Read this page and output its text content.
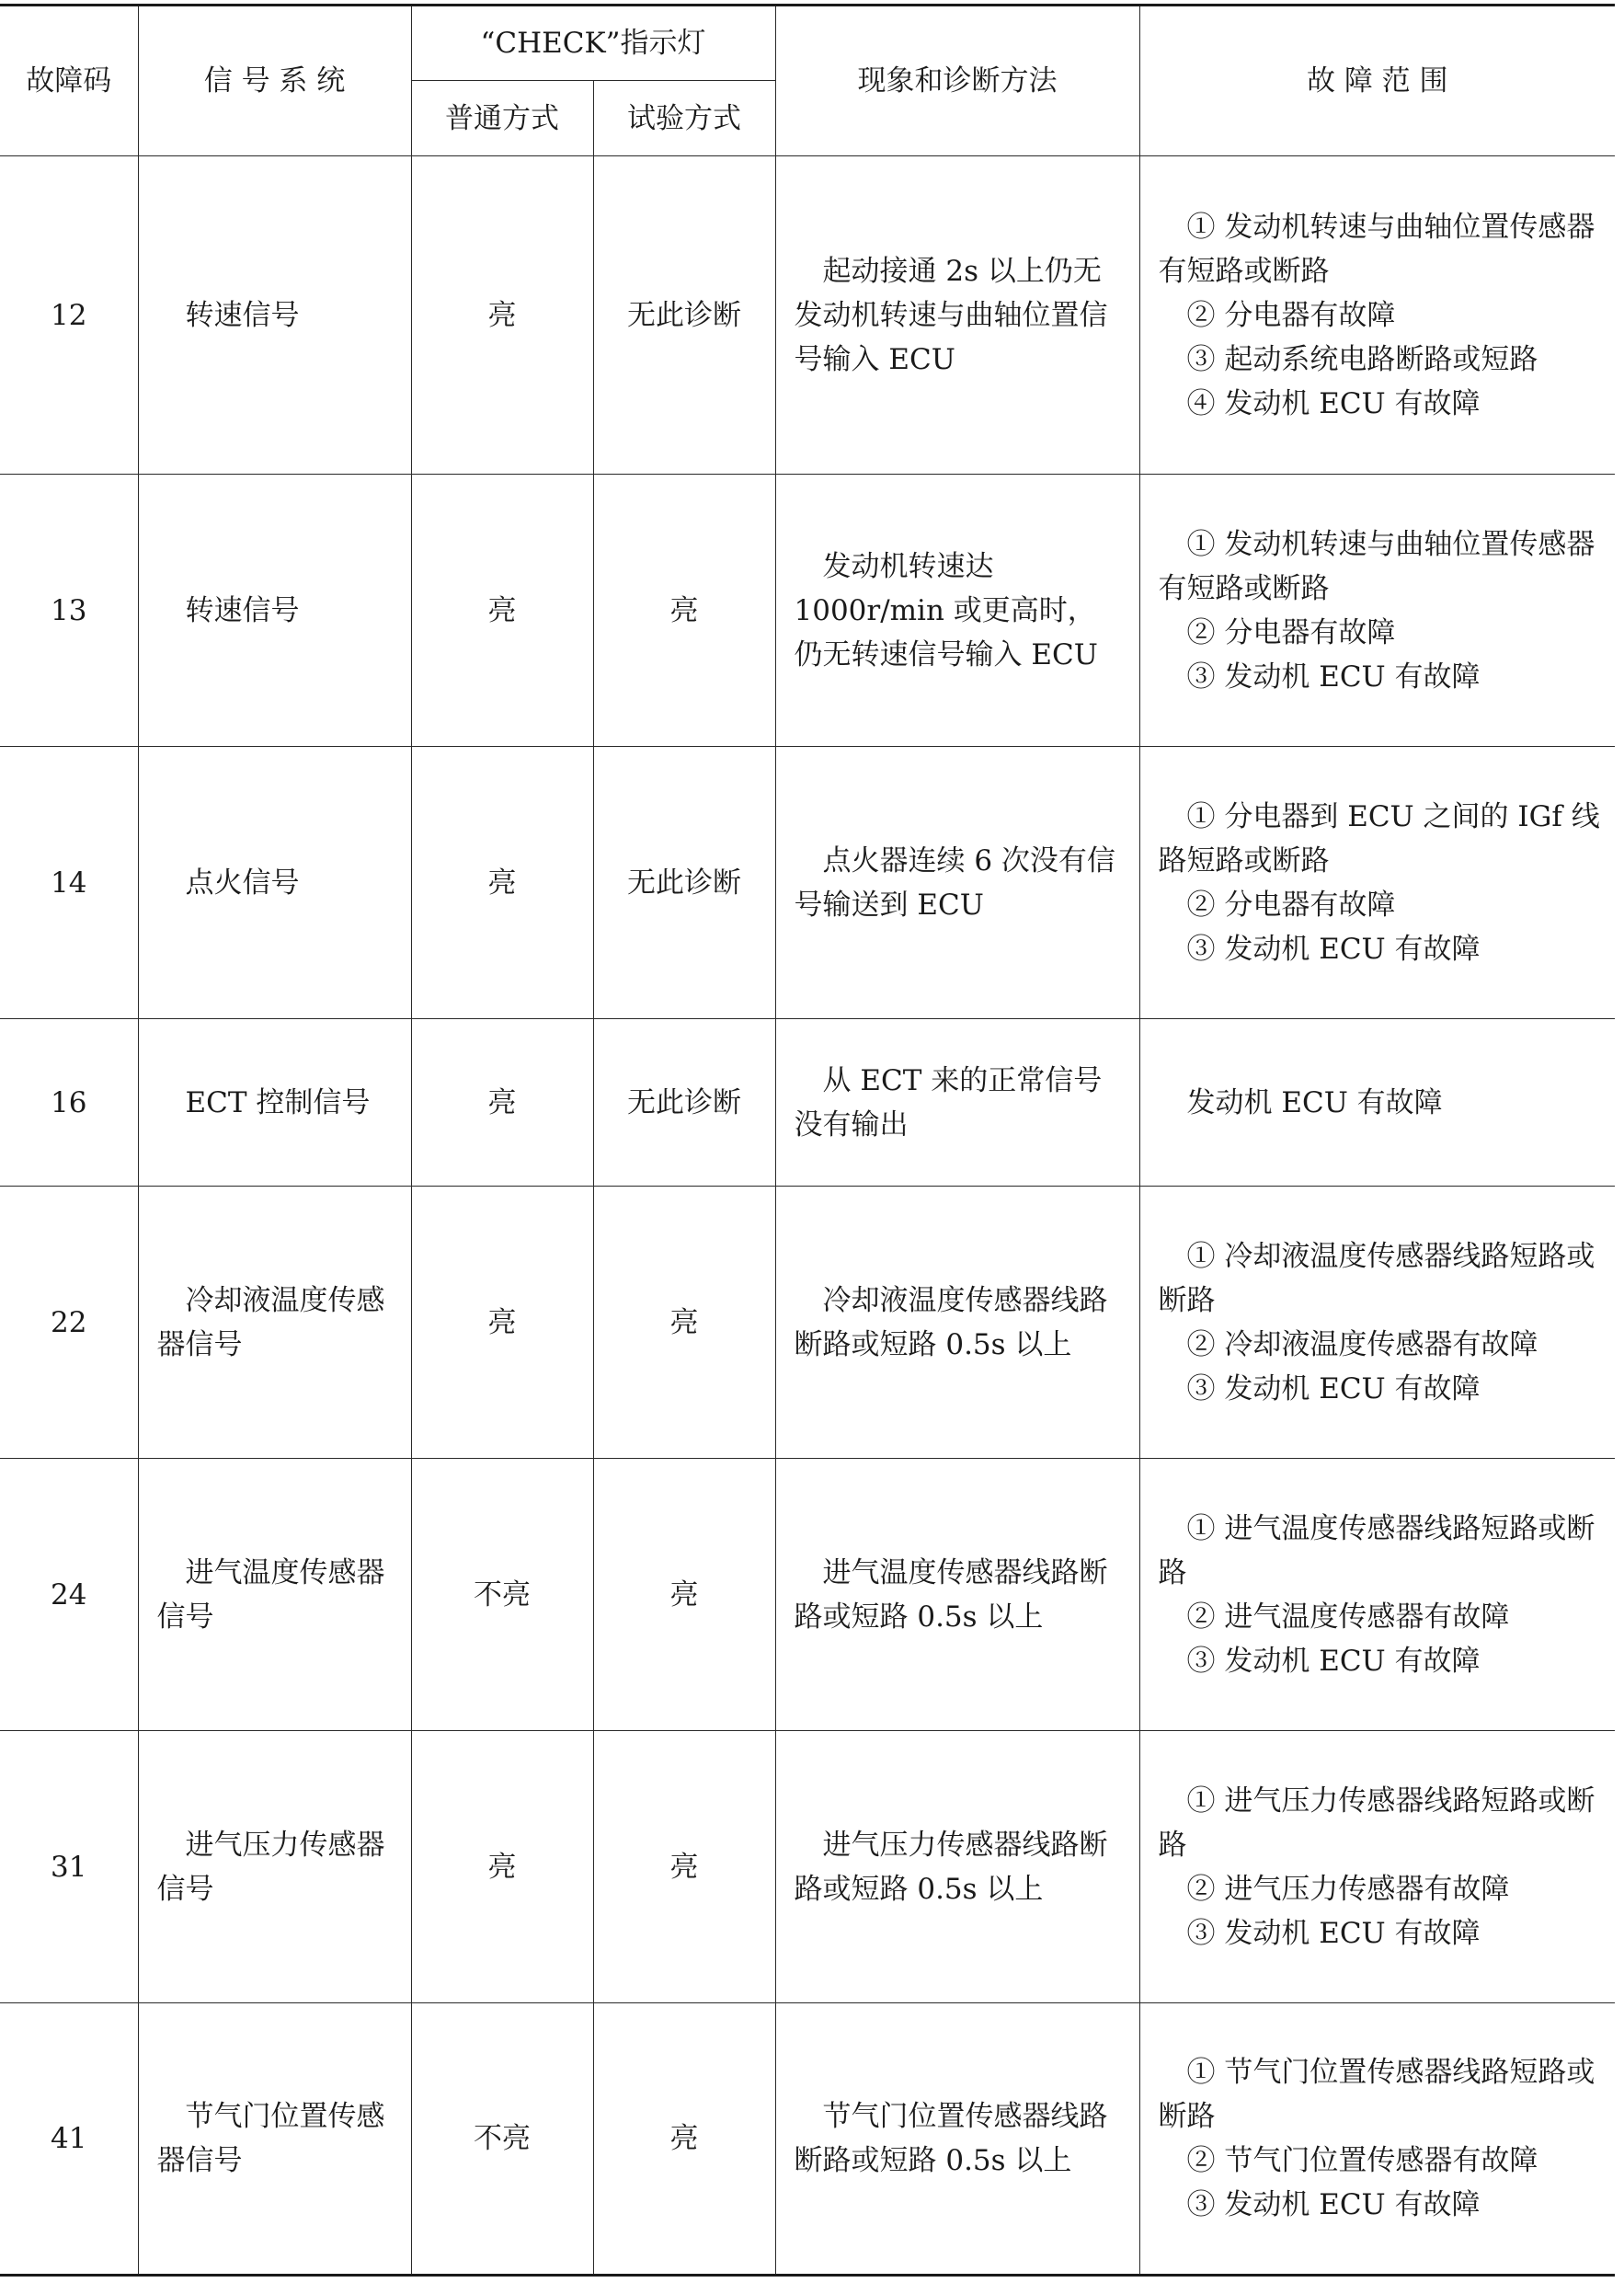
故障码	信 号 系 统	“CHECK”指示灯		现象和诊断方法	故 障 范 围
		普通方式	试验方式		
12	转速信号	亮	无此诊断	起动接通 2s 以上仍无发动机转速与曲轴位置信号输入 ECU	① 发动机转速与曲轴位置传感器有短路或断路
② 分电器有故障
③ 起动系统电路断路或短路
④ 发动机 ECU 有故障

13	转速信号	亮	亮	发动机转速达 1000r/min 或更高时，仍无转速信号输入 ECU	① 发动机转速与曲轴位置传感器有短路或断路
② 分电器有故障
③ 发动机 ECU 有故障

14	点火信号	亮	无此诊断	点火器连续 6 次没有信号输送到 ECU	① 分电器到 ECU 之间的 IGf 线路短路或断路
② 分电器有故障
③ 发动机 ECU 有故障

16	ECT 控制信号	亮	无此诊断	从 ECT 来的正常信号没有输出	发动机 ECU 有故障

22	冷却液温度传感器信号	亮	亮	冷却液温度传感器线路断路或短路 0.5s 以上	① 冷却液温度传感器线路短路或断路
② 冷却液温度传感器有故障
③ 发动机 ECU 有故障

24	进气温度传感器信号	不亮	亮	进气温度传感器线路断路或短路 0.5s 以上	① 进气温度传感器线路短路或断路
② 进气温度传感器有故障
③ 发动机 ECU 有故障

31	进气压力传感器信号	亮	亮	进气压力传感器线路断路或短路 0.5s 以上	① 进气压力传感器线路短路或断路
② 进气压力传感器有故障
③ 发动机 ECU 有故障

41	节气门位置传感器信号	不亮	亮	节气门位置传感器线路断路或短路 0.5s 以上	① 节气门位置传感器线路短路或断路
② 节气门位置传感器有故障
③ 发动机 ECU 有故障
